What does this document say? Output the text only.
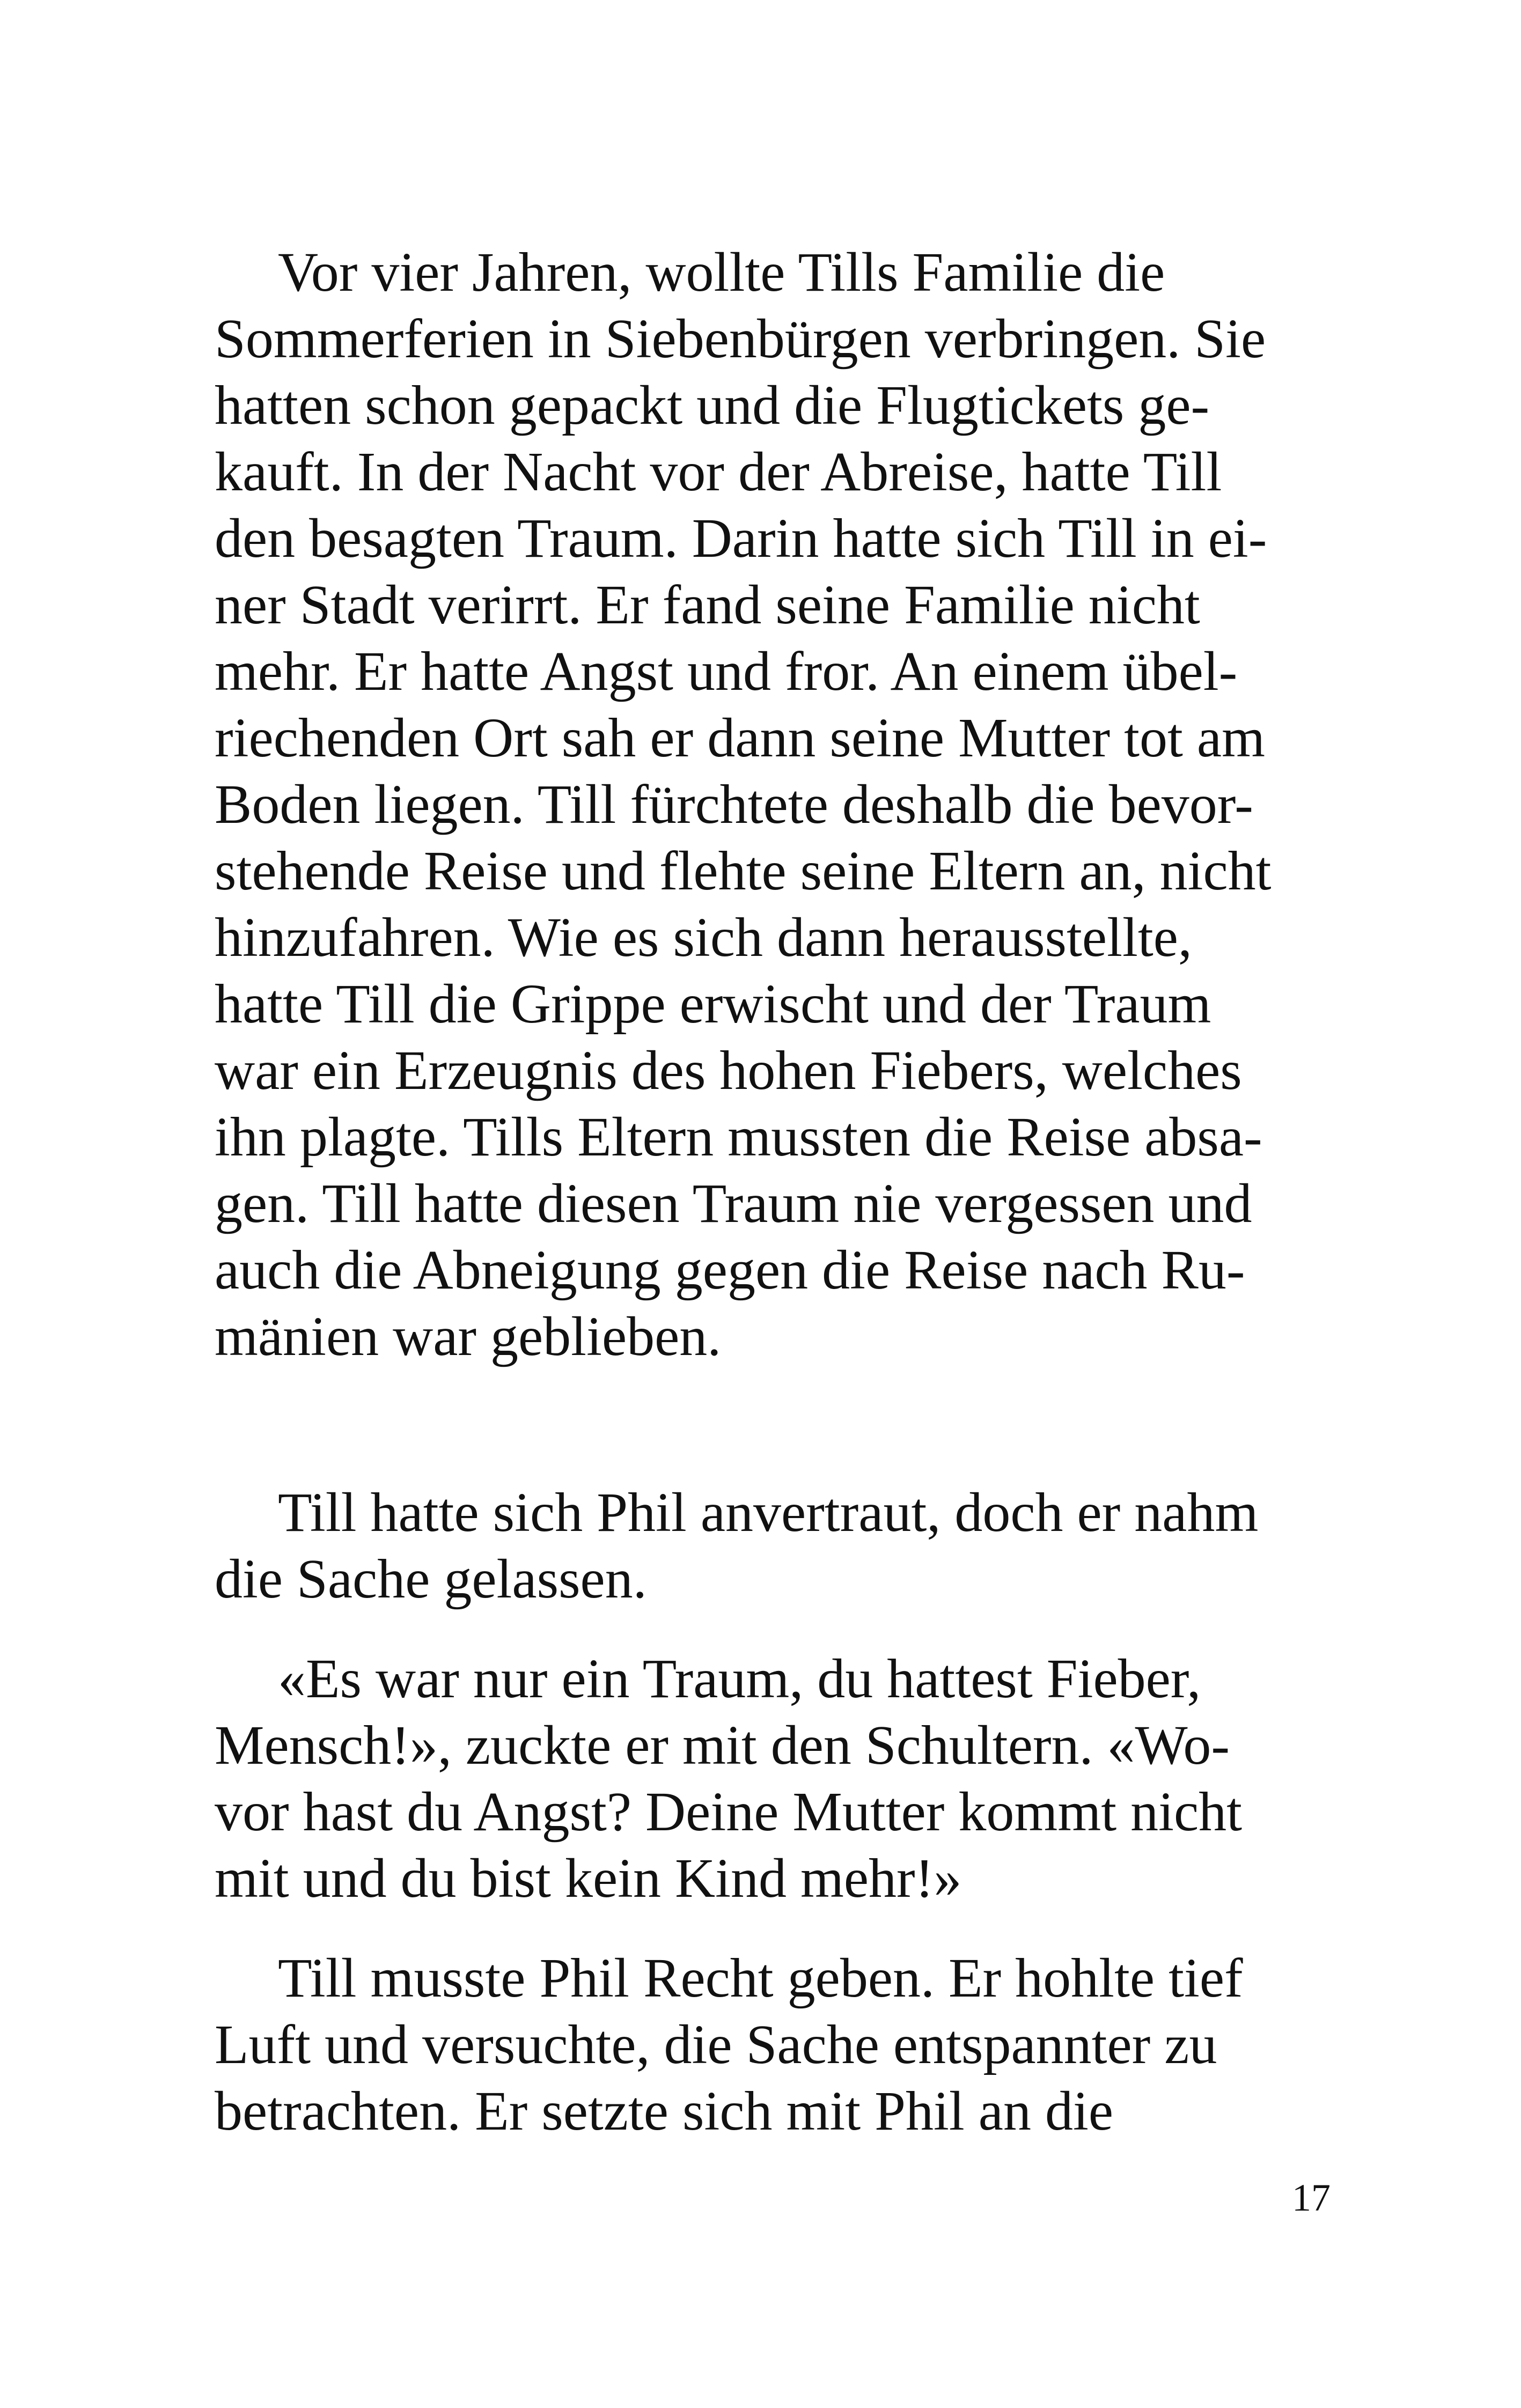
Vor vier Jahren, wollte Tills Familie die
Sommerferien in Siebenbürgen verbringen. Sie
hatten schon gepackt und die Flugtickets ge-
kauft. In der Nacht vor der Abreise, hatte Till
den besagten Traum. Darin hatte sich Till in ei-
ner Stadt verirrt. Er fand seine Familie nicht
mehr. Er hatte Angst und fror. An einem übel-
riechenden Ort sah er dann seine Mutter tot am
Boden liegen. Till fürchtete deshalb die bevor-
stehende Reise und flehte seine Eltern an, nicht
hinzufahren. Wie es sich dann herausstellte,
hatte Till die Grippe erwischt und der Traum
war ein Erzeugnis des hohen Fiebers, welches
ihn plagte. Tills Eltern mussten die Reise absa-
gen. Till hatte diesen Traum nie vergessen und
auch die Abneigung gegen die Reise nach Ru-
mänien war geblieben.
Till hatte sich Phil anvertraut, doch er nahm
die Sache gelassen.
«Es war nur ein Traum, du hattest Fieber,
Mensch!», zuckte er mit den Schultern. «Wo-
vor hast du Angst? Deine Mutter kommt nicht
mit und du bist kein Kind mehr!»
Till musste Phil Recht geben. Er hohlte tief
Luft und versuchte, die Sache entspannter zu
betrachten. Er setzte sich mit Phil an die
17
